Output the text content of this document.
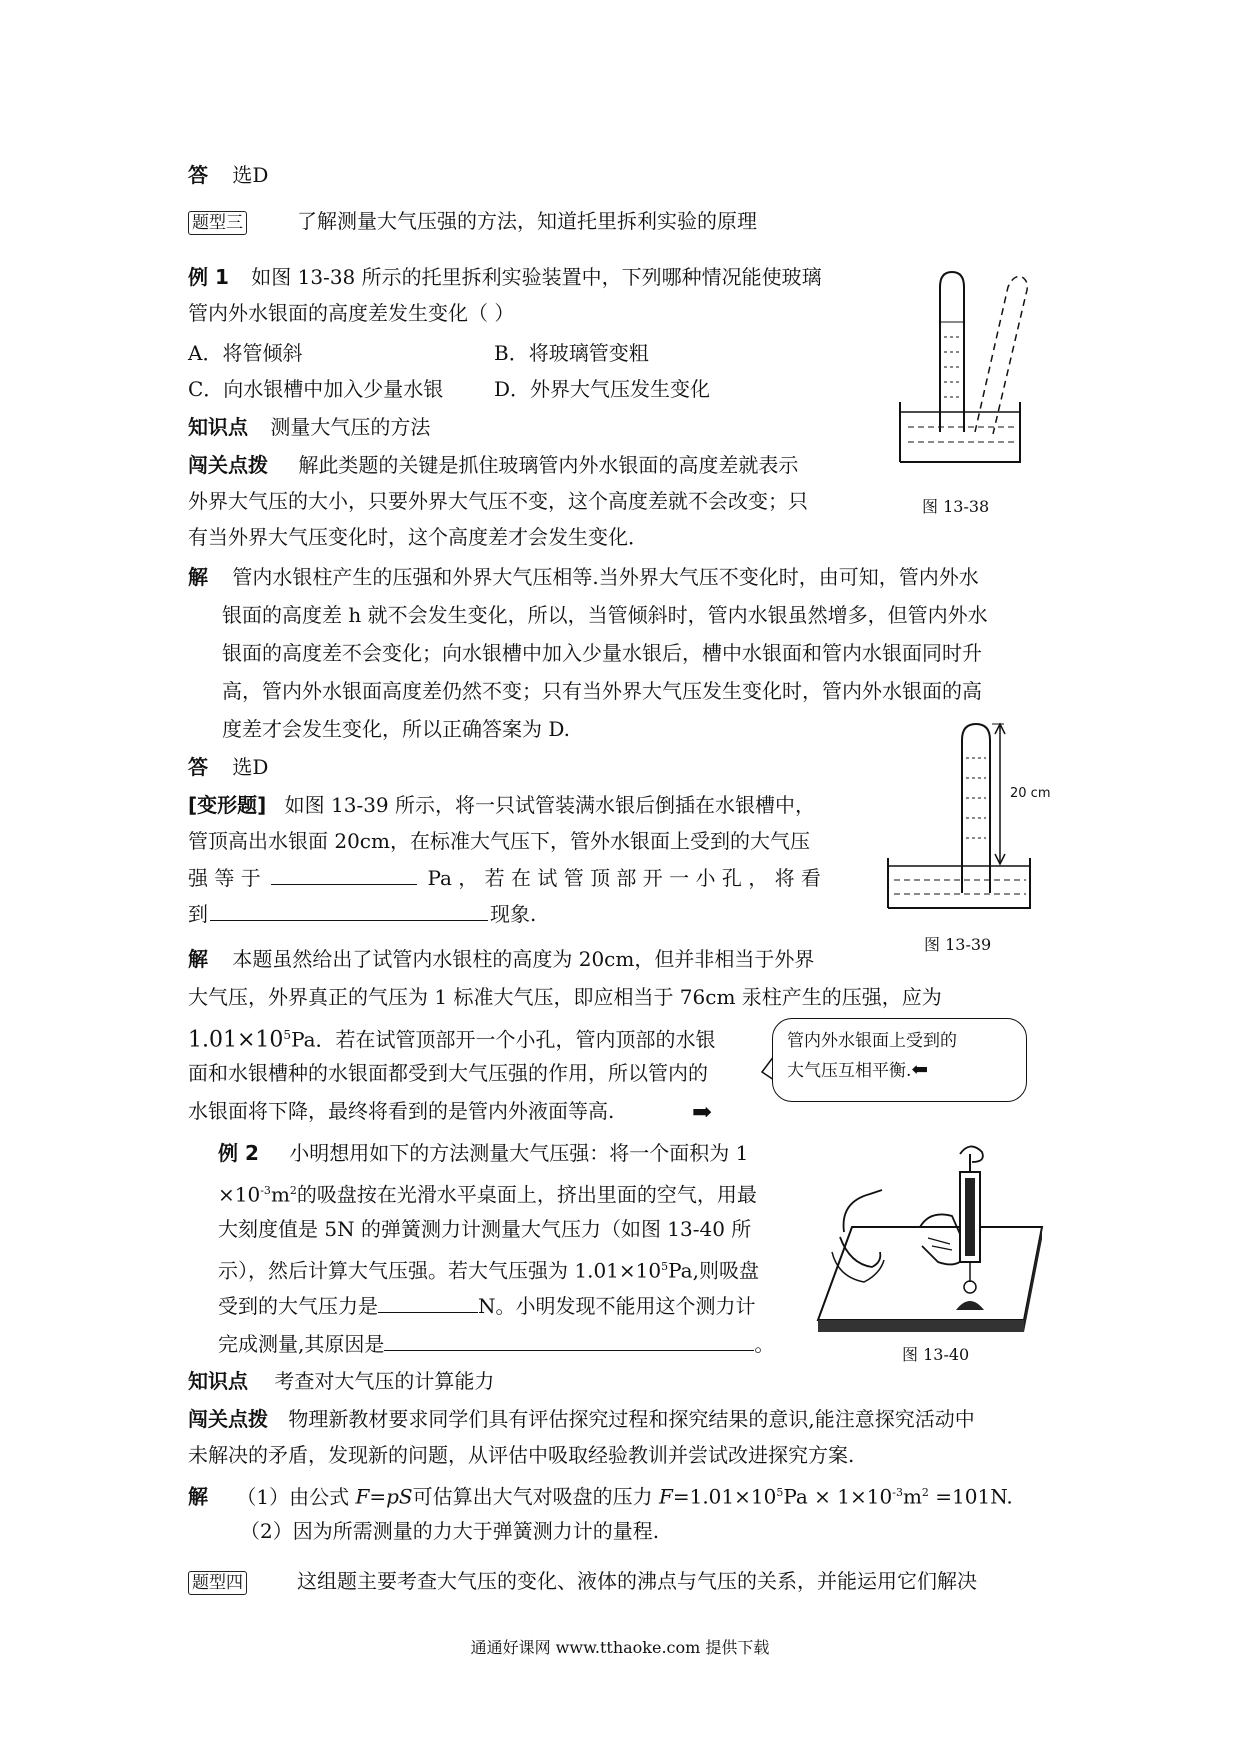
答 选D
题型三	了解测量大气压强的方法，知道托里拆利实验的原理
例 1 如图 13-38 所示的托里拆利实验装置中，下列哪种情况能使玻璃
管内外水银面的高度差发生变化（ ）
A．将管倾斜	B．将玻璃管变粗
C．向水银槽中加入少量水银	D．外界大气压发生变化
知识点 测量大气压的方法
闯关点拨 解此类题的关键是抓住玻璃管内外水银面的高度差就表示
外界大气压的大小，只要外界大气压不变，这个高度差就不会改变；只
有当外界大气压变化时，这个高度差才会发生变化．
解 管内水银柱产生的压强和外界大气压相等.当外界大气压不变化时，由可知，管内外水
银面的高度差 h 就不会发生变化，所以，当管倾斜时，管内水银虽然增多，但管内外水
银面的高度差不会变化；向水银槽中加入少量水银后，槽中水银面和管内水银面同时升
高，管内外水银面高度差仍然不变；只有当外界大气压发生变化时，管内外水银面的高
度差才会发生变化，所以正确答案为 D.
答 选D
[变形题] 如图 13-39 所示，将一只试管装满水银后倒插在水银槽中，
管顶高出水银面 20cm，在标准大气压下，管外水银面上受到的大气压
强 等 于	Pa ， 若 在 试 管 顶 部 开 一 小 孔 ， 将 看
到	现象.
解 本题虽然给出了试管内水银柱的高度为 20cm，但并非相当于外界
大气压，外界真正的气压为 1 标准大气压，即应相当于 76cm 汞柱产生的压强，应为
$1.01\times 10^5Pa$．若在试管顶部开一个小孔，管内顶部的水银
面和水银槽种的水银面都受到大气压强的作用，所以管内的
水银面将下降，最终将看到的是管内外液面等高.
管内外水银面上受到的
大气压互相平衡.⬅
➡
例 2 小明想用如下的方法测量大气压强：将一个面积为 1
$\times 10^{-3}m^2$的吸盘按在光滑水平桌面上，挤出里面的空气，用最
大刻度值是 5N 的弹簧测力计测量大气压力（如图 13-40 所
示），然后计算大气压强。若大气压强为 $1.01\times 10^5Pa$,则吸盘
受到的大气压力是	N。小明发现不能用这个测力计
完成测量,其原因是	。
知识点 考查对大气压的计算能力
闯关点拨 物理新教材要求同学们具有评估探究过程和探究结果的意识,能注意探究活动中
未解决的矛盾，发现新的问题，从评估中吸取经验教训并尝试改进探究方案.
解 （1）由公式 F=pS可估算出大气对吸盘的压力 $F=1.01\times 10^5Pa \times 1\times 10^{-3}m^2 =101N$.
（2）因为所需测量的力大于弹簧测力计的量程.
题型四	这组题主要考查大气压的变化、液体的沸点与气压的关系，并能运用它们解决
图 13-38
20 cm
图 13-39
图 13-40
通通好课网 www.tthaoke.com 提供下载
